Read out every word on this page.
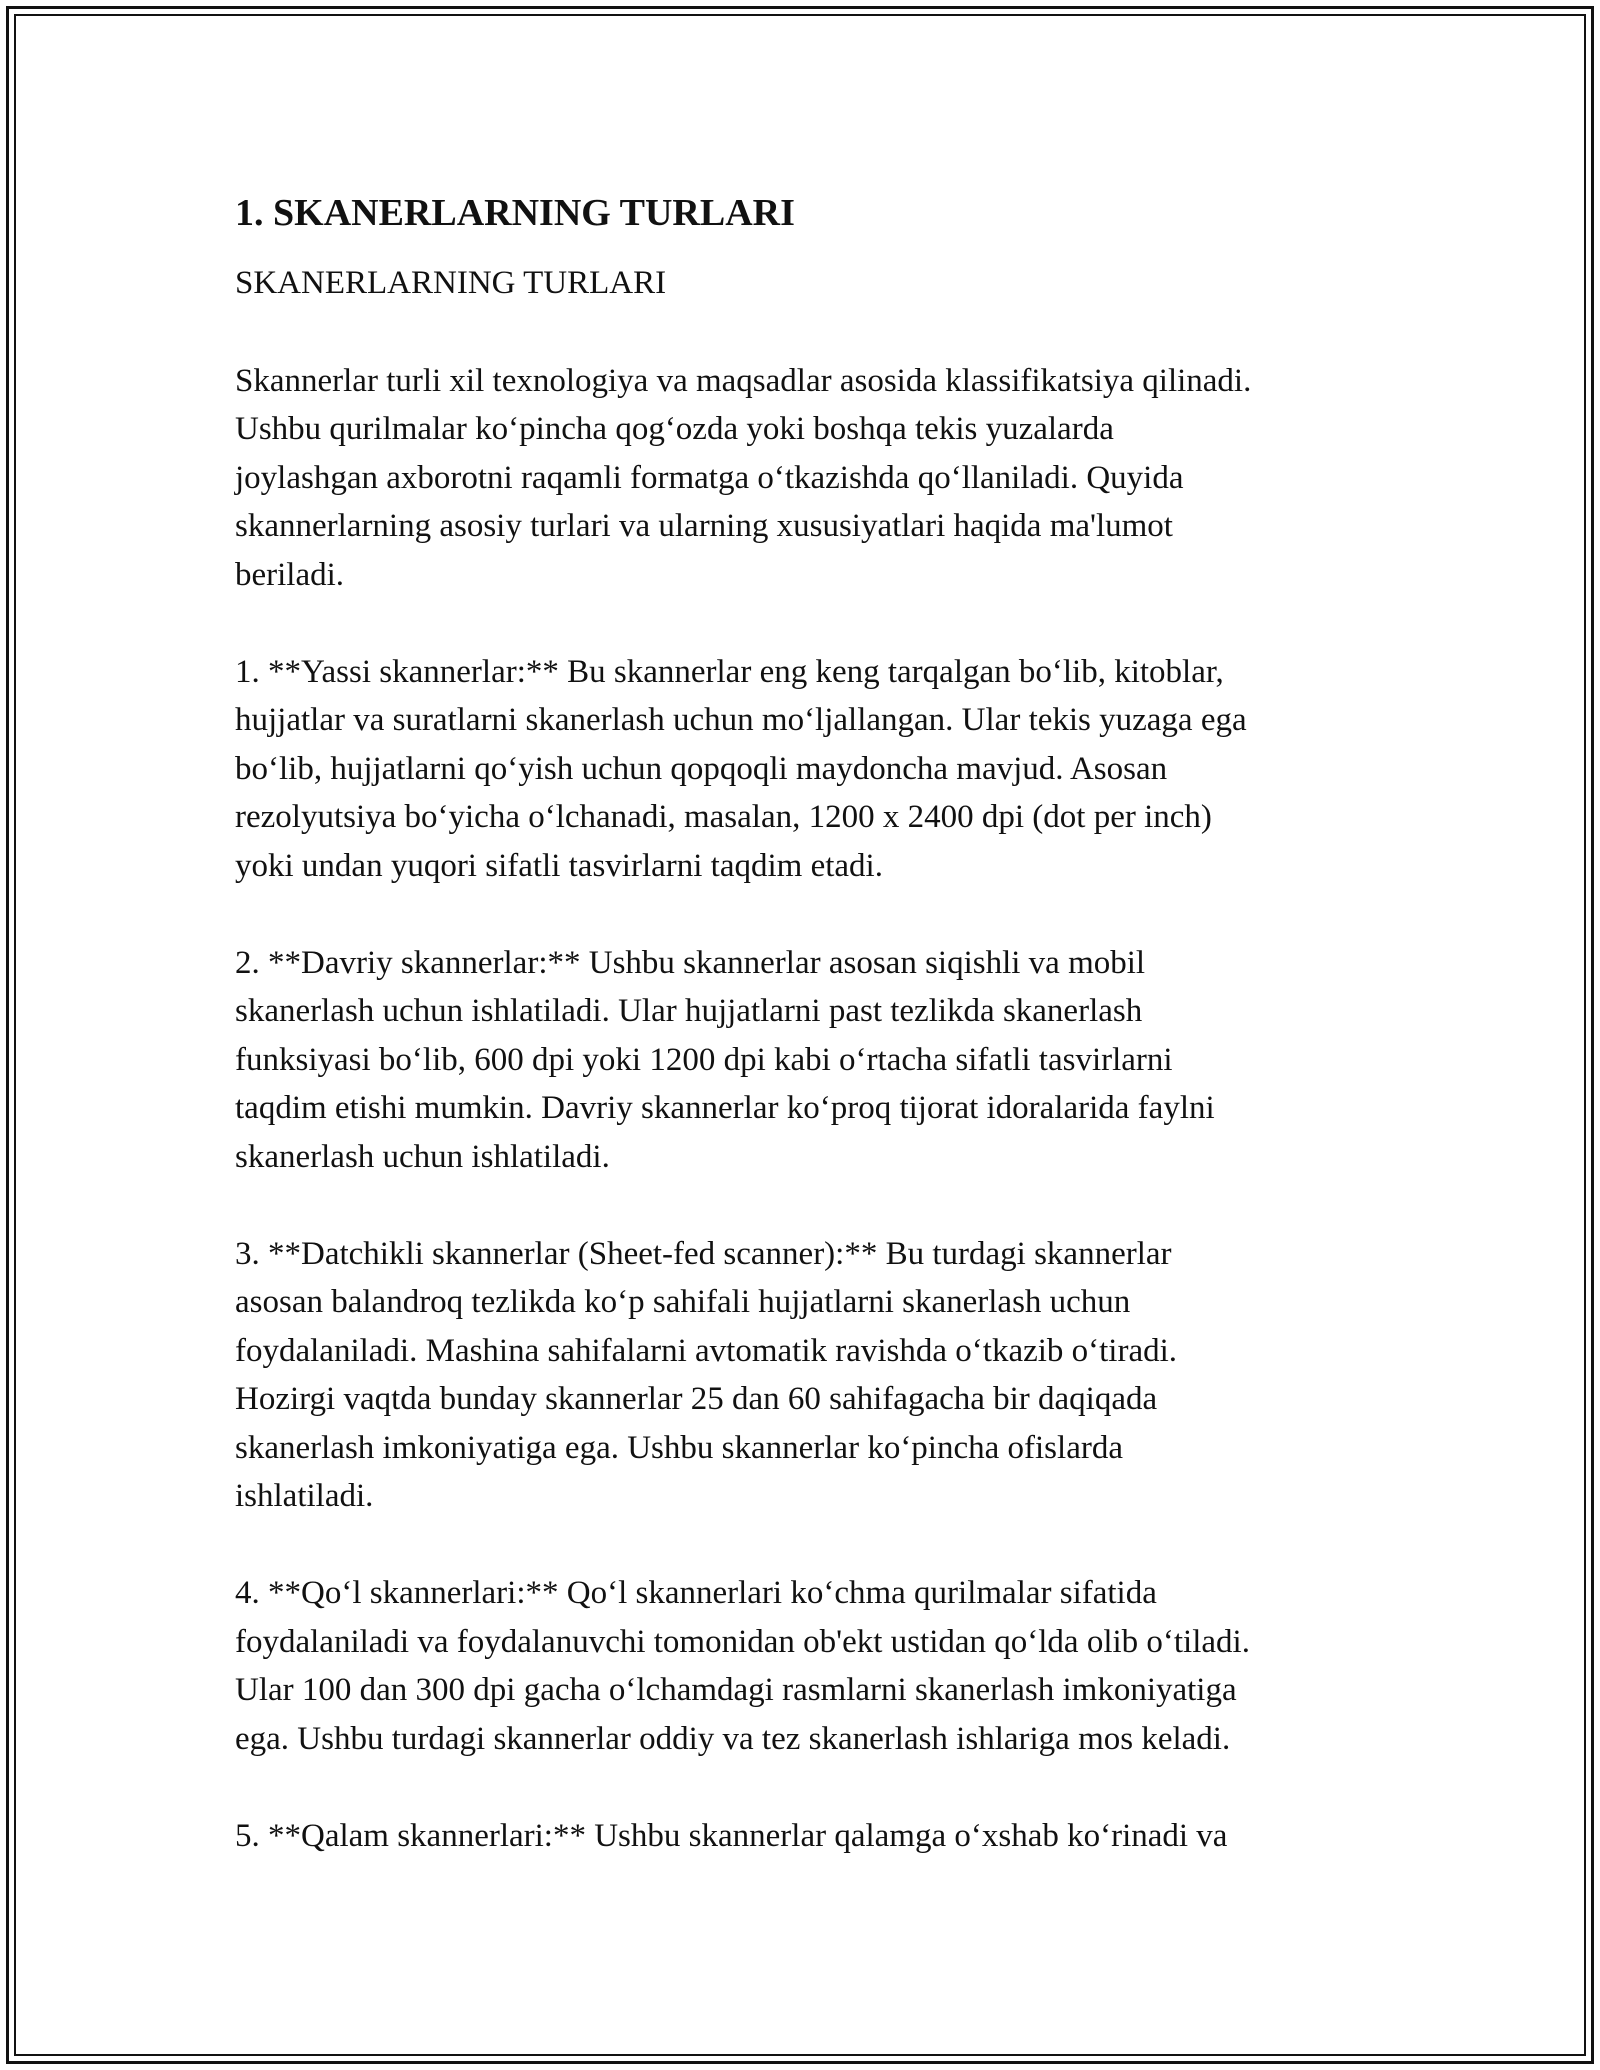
1. SKANERLARNING TURLARI
SKANERLARNING TURLARI
Skannerlar turli xil texnologiya va maqsadlar asosida klassifikatsiya qilinadi.
Ushbu qurilmalar ko‘pincha qog‘ozda yoki boshqa tekis yuzalarda
joylashgan axborotni raqamli formatga o‘tkazishda qo‘llaniladi. Quyida
skannerlarning asosiy turlari va ularning xususiyatlari haqida ma'lumot
beriladi.
1. **Yassi skannerlar:** Bu skannerlar eng keng tarqalgan bo‘lib, kitoblar,
hujjatlar va suratlarni skanerlash uchun mo‘ljallangan. Ular tekis yuzaga ega
bo‘lib, hujjatlarni qo‘yish uchun qopqoqli maydoncha mavjud. Asosan
rezolyutsiya bo‘yicha o‘lchanadi, masalan, 1200 x 2400 dpi (dot per inch)
yoki undan yuqori sifatli tasvirlarni taqdim etadi.
2. **Davriy skannerlar:** Ushbu skannerlar asosan siqishli va mobil
skanerlash uchun ishlatiladi. Ular hujjatlarni past tezlikda skanerlash
funksiyasi bo‘lib, 600 dpi yoki 1200 dpi kabi o‘rtacha sifatli tasvirlarni
taqdim etishi mumkin. Davriy skannerlar ko‘proq tijorat idoralarida faylni
skanerlash uchun ishlatiladi.
3. **Datchikli skannerlar (Sheet-fed scanner):** Bu turdagi skannerlar
asosan balandroq tezlikda ko‘p sahifali hujjatlarni skanerlash uchun
foydalaniladi. Mashina sahifalarni avtomatik ravishda o‘tkazib o‘tiradi.
Hozirgi vaqtda bunday skannerlar 25 dan 60 sahifagacha bir daqiqada
skanerlash imkoniyatiga ega. Ushbu skannerlar ko‘pincha ofislarda
ishlatiladi.
4. **Qo‘l skannerlari:** Qo‘l skannerlari ko‘chma qurilmalar sifatida
foydalaniladi va foydalanuvchi tomonidan ob'ekt ustidan qo‘lda olib o‘tiladi.
Ular 100 dan 300 dpi gacha o‘lchamdagi rasmlarni skanerlash imkoniyatiga
ega. Ushbu turdagi skannerlar oddiy va tez skanerlash ishlariga mos keladi.
5. **Qalam skannerlari:** Ushbu skannerlar qalamga o‘xshab ko‘rinadi va
